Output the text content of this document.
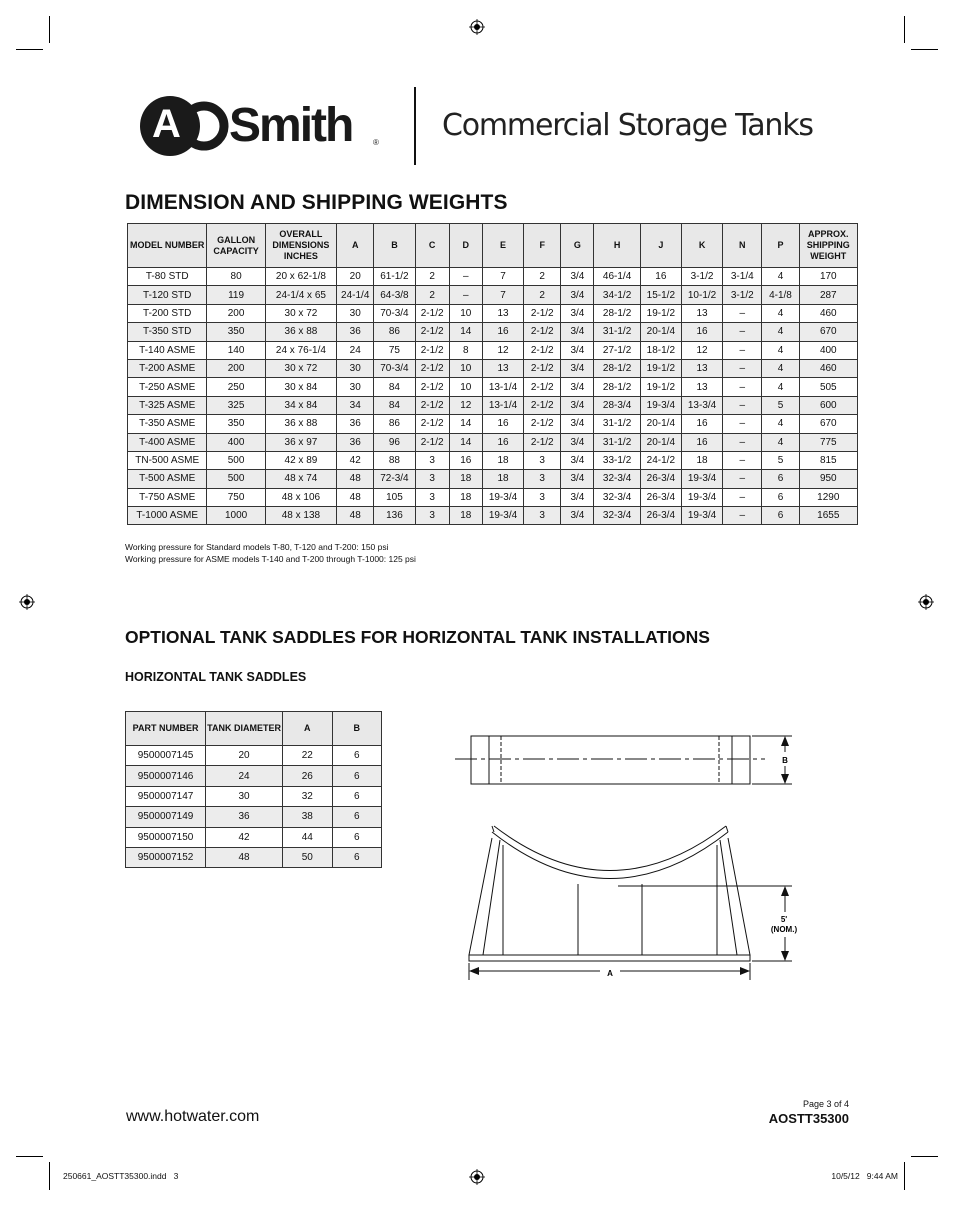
A Smith	® Commercial Storage Tanks
DIMENSION AND SHIPPING WEIGHTS
MODEL NUMBER	GALLON CAPACITY	OVERALL DIMENSIONS INCHES	A	B	C	D	E	F	G	H	J	K	N	P	APPROX. SHIPPING WEIGHT
T-80 STD	80	20 x 62-1/8	20	61-1/2	2	–	7	2	3/4	46-1/4	16	3-1/2	3-1/4	4	170
T-120 STD	119	24-1/4 x 65	24-1/4	64-3/8	2	–	7	2	3/4	34-1/2	15-1/2	10-1/2	3-1/2	4-1/8	287
T-200 STD	200	30 x 72	30	70-3/4	2-1/2	10	13	2-1/2	3/4	28-1/2	19-1/2	13	–	4	460
T-350 STD	350	36 x 88	36	86	2-1/2	14	16	2-1/2	3/4	31-1/2	20-1/4	16	–	4	670
T-140 ASME	140	24 x 76-1/4	24	75	2-1/2	8	12	2-1/2	3/4	27-1/2	18-1/2	12	–	4	400
T-200 ASME	200	30 x 72	30	70-3/4	2-1/2	10	13	2-1/2	3/4	28-1/2	19-1/2	13	–	4	460
T-250 ASME	250	30 x 84	30	84	2-1/2	10	13-1/4	2-1/2	3/4	28-1/2	19-1/2	13	–	4	505
T-325 ASME	325	34 x 84	34	84	2-1/2	12	13-1/4	2-1/2	3/4	28-3/4	19-3/4	13-3/4	–	5	600
T-350 ASME	350	36 x 88	36	86	2-1/2	14	16	2-1/2	3/4	31-1/2	20-1/4	16	–	4	670
T-400 ASME	400	36 x 97	36	96	2-1/2	14	16	2-1/2	3/4	31-1/2	20-1/4	16	–	4	775
TN-500 ASME	500	42 x 89	42	88	3	16	18	3	3/4	33-1/2	24-1/2	18	–	5	815
T-500 ASME	500	48 x 74	48	72-3/4	3	18	18	3	3/4	32-3/4	26-3/4	19-3/4	–	6	950
T-750 ASME	750	48 x 106	48	105	3	18	19-3/4	3	3/4	32-3/4	26-3/4	19-3/4	–	6	1290
T-1000 ASME	1000	48 x 138	48	136	3	18	19-3/4	3	3/4	32-3/4	26-3/4	19-3/4	–	6	1655
Working pressure for Standard models T-80, T-120 and T-200: 150 psi
Working pressure for ASME models T-140 and T-200 through T-1000: 125 psi
OPTIONAL TANK SADDLES FOR HORIZONTAL TANK INSTALLATIONS
HORIZONTAL TANK SADDLES
PART NUMBER	TANK DIAMETER	A	B
9500007145	20	22	6
9500007146	24	26	6
9500007147	30	32	6
9500007149	36	38	6
9500007150	42	44	6
9500007152	48	50	6
B
5'
(NOM.)
A
www.hotwater.com
Page 3 of 4
AOSTT35300
250661_AOSTT35300.indd   3	10/5/12   9:44 AM
